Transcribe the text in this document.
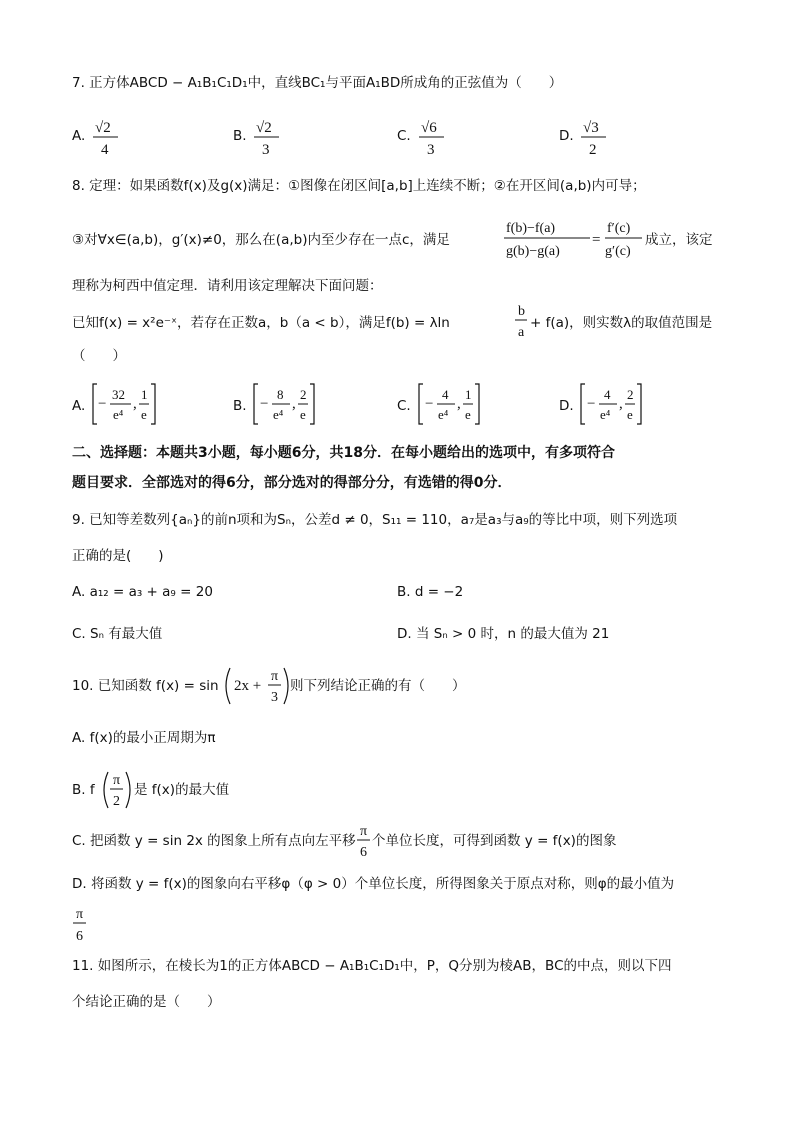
7. 正方体ABCD − A₁B₁C₁D₁中，直线BC₁与平面A₁BD所成角的正弦值为（　　）
A. √2
4
B. √2
3
C. √6
3
D. √3
2
8. 定理：如果函数f(x)及g(x)满足：①图像在闭区间[a,b]上连续不断；②在开区间(a,b)内可导；
③对∀x∈(a,b)，g′(x)≠0，那么在(a,b)内至少存在一点c，满足
f(b)−f(a)
g(b)−g(a)
=
f′(c)
g′(c)
成立，该定
理称为柯西中值定理．请利用该定理解决下面问题：
已知f(x) = x²e⁻ˣ，若存在正数a，b（a < b），满足f(b) = λln
b
a
+ f(a)，则实数λ的取值范围是
（　　）
A. −
32
e⁴
,
1
e
B. −
8
e⁴
,
2
e
C. −
4
e⁴
,
1
e
D. −
4
e⁴
,
2
e
二、选择题：本题共3小题，每小题6分，共18分．在每小题给出的选项中，有多项符合
题目要求．全部选对的得6分，部分选对的得部分分，有选错的得0分．
9. 已知等差数列{aₙ}的前n项和为Sₙ，公差d ≠ 0，S₁₁ = 110，a₇是a₃与a₉的等比中项，则下列选项
正确的是(　　)
A. a₁₂ = a₃ + a₉ = 20	B. d = −2
C. Sₙ 有最大值	D. 当 Sₙ > 0 时，n 的最大值为 21
10. 已知函数 f(x) = sin 2x +
π
3
则下列结论正确的有（　　）
A. f(x)的最小正周期为π
B. f
π
2
是 f(x)的最大值
C. 把函数 y = sin 2x 的图象上所有点向左平移
π
6
个单位长度，可得到函数 y = f(x)的图象
D. 将函数 y = f(x)的图象向右平移φ（φ > 0）个单位长度，所得图象关于原点对称，则φ的最小值为
π
6
11. 如图所示，在棱长为1的正方体ABCD − A₁B₁C₁D₁中，P，Q分别为棱AB，BC的中点，则以下四
个结论正确的是（　　）
